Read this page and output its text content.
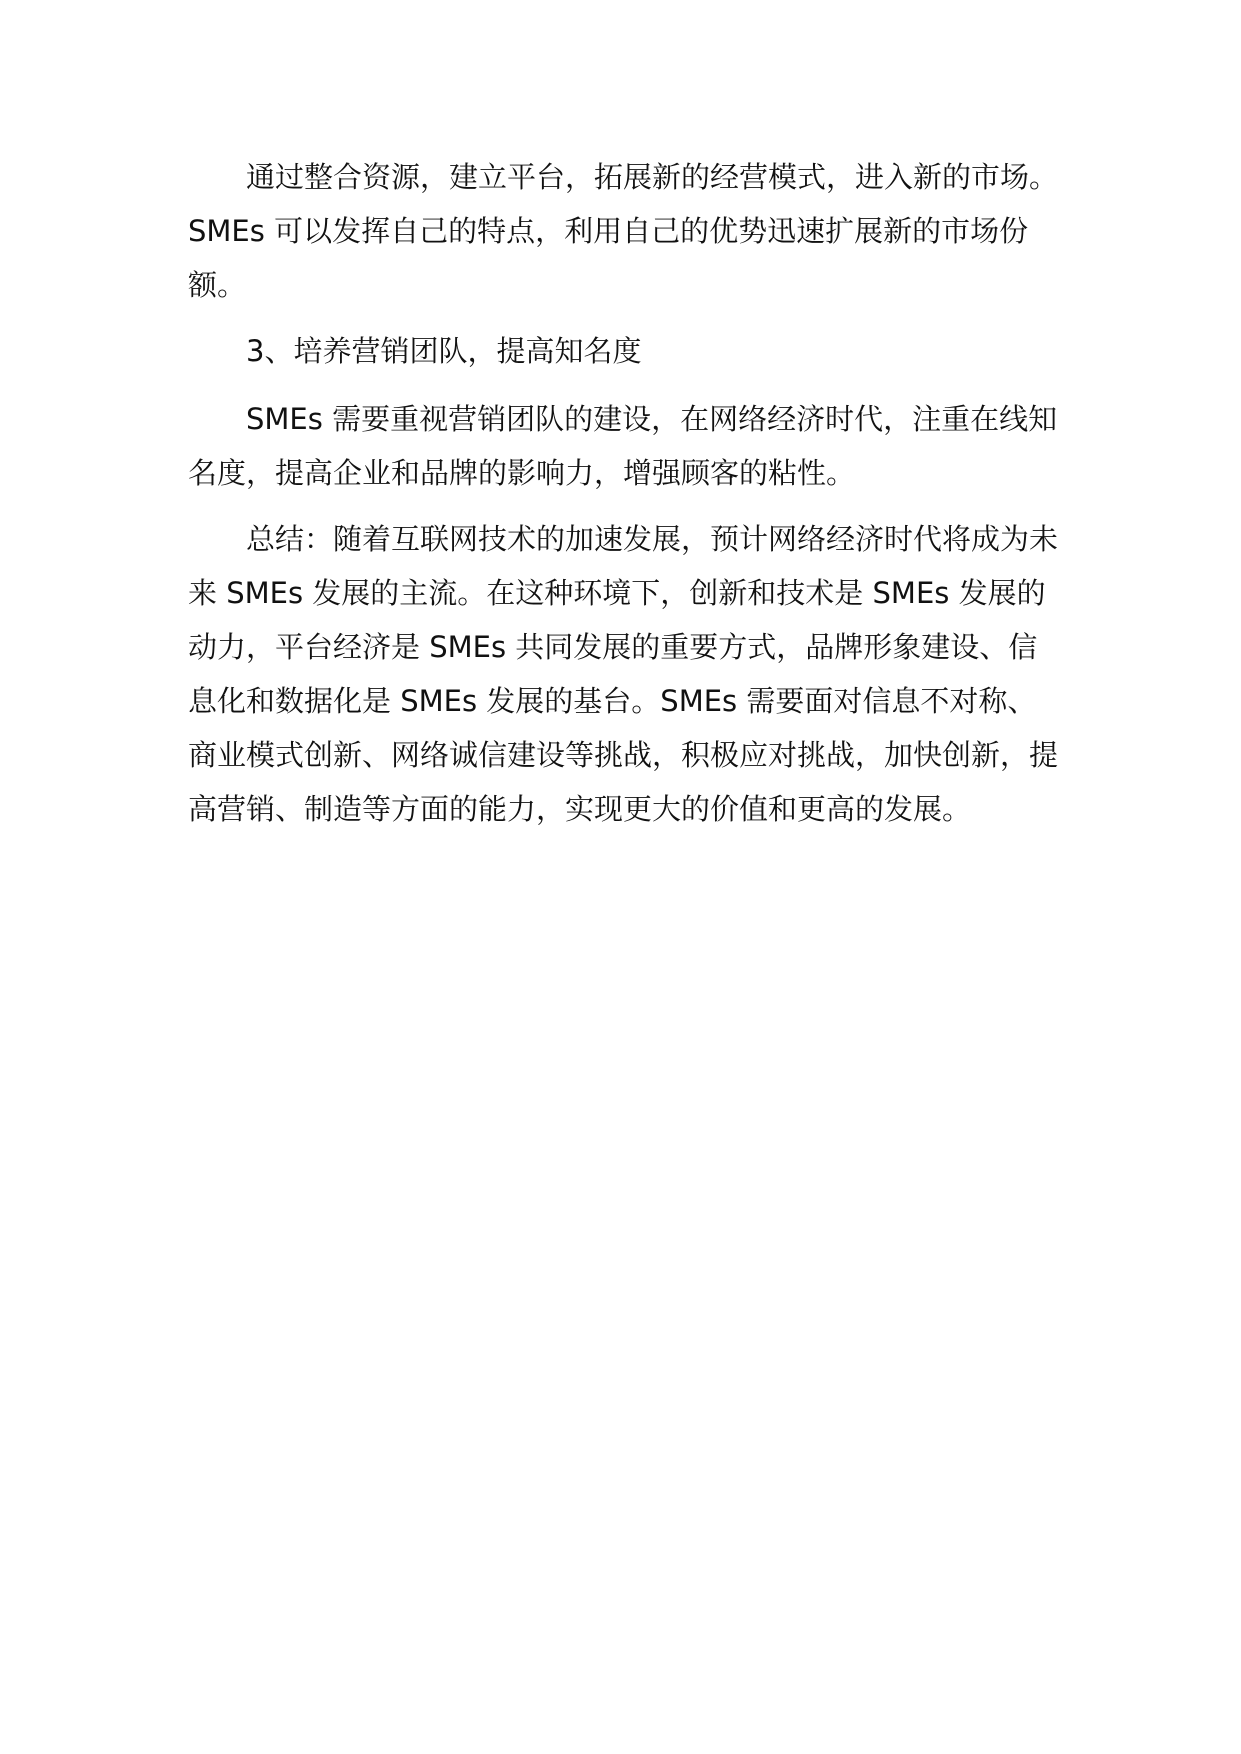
通过整合资源，建立平台，拓展新的经营模式，进入新的市场。SMEs 可以发挥自己的特点，利用自己的优势迅速扩展新的市场份额。

3、培养营销团队，提高知名度

SMEs 需要重视营销团队的建设，在网络经济时代，注重在线知名度，提高企业和品牌的影响力，增强顾客的粘性。

总结：随着互联网技术的加速发展，预计网络经济时代将成为未来 SMEs 发展的主流。在这种环境下，创新和技术是 SMEs 发展的动力，平台经济是 SMEs 共同发展的重要方式，品牌形象建设、信息化和数据化是 SMEs 发展的基台。SMEs 需要面对信息不对称、商业模式创新、网络诚信建设等挑战，积极应对挑战，加快创新，提高营销、制造等方面的能力，实现更大的价值和更高的发展。
